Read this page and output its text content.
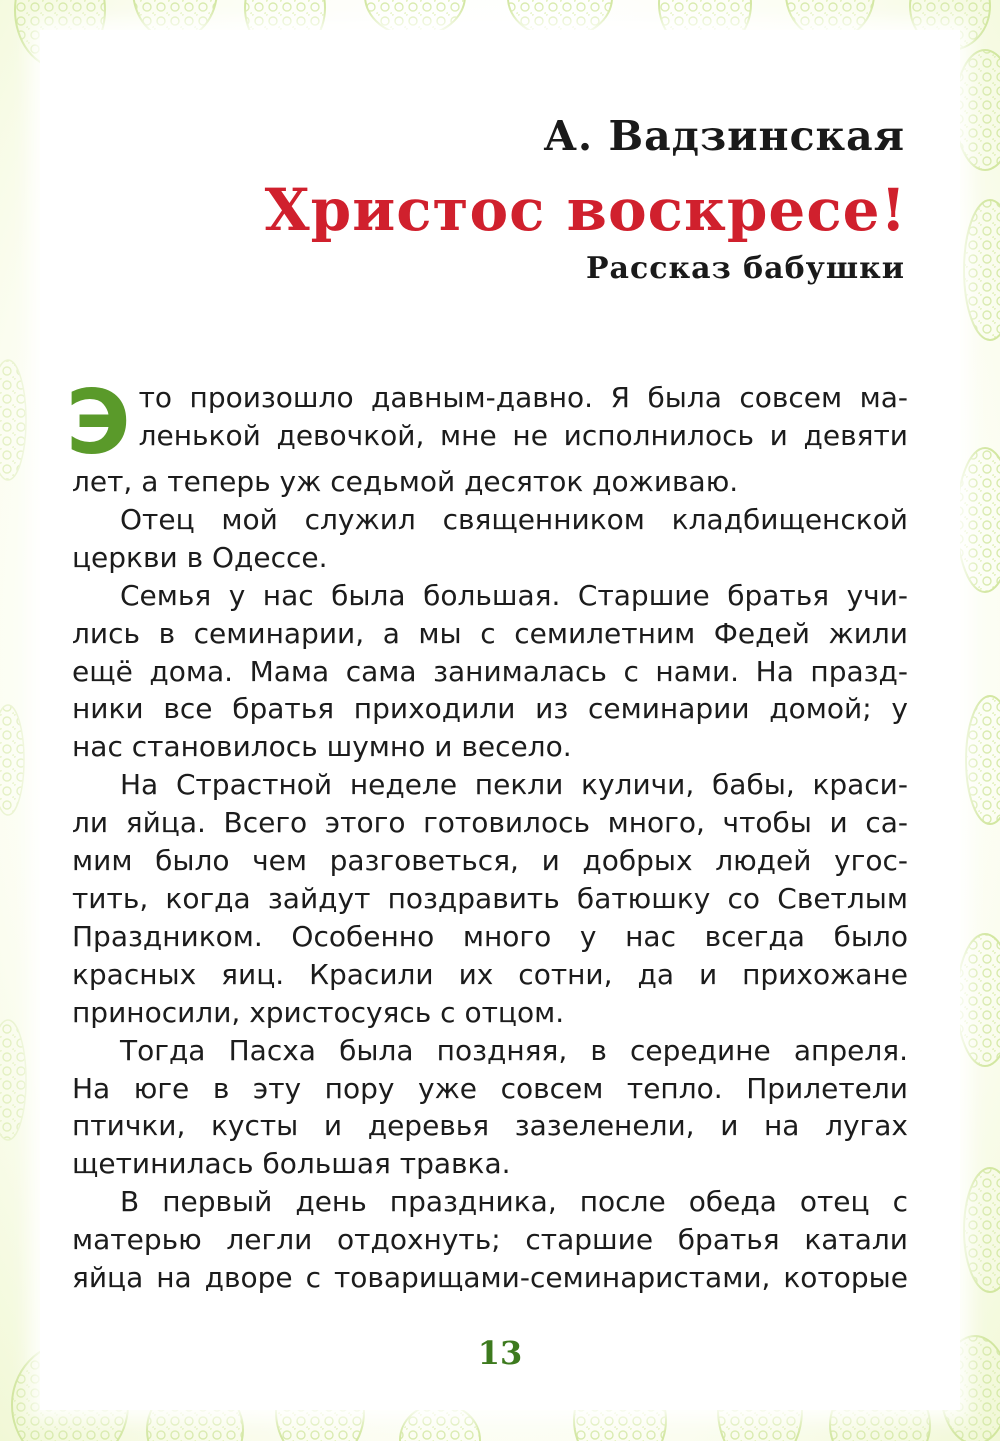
А. Вадзинская
Христос воскресе!
Рассказ бабушки
Э то произошло давным-давно. Я была совсем ма-

ленькой девочкой, мне не исполнилось и девяти

лет, а теперь уж седьмой десяток доживаю.

Отец мой служил священником кладбищенской

церкви в Одессе.

Семья у нас была большая. Старшие братья учи-

лись в семинарии, а мы с семилетним Федей жили

ещё дома. Мама сама занималась с нами. На празд-

ники все братья приходили из семинарии домой; у

нас становилось шумно и весело.

На Страстной неделе пекли куличи, бабы, краси-

ли яйца. Всего этого готовилось много, чтобы и са-

мим было чем разговеться, и добрых людей угос-

тить, когда зайдут поздравить батюшку со Светлым

Праздником. Особенно много у нас всегда было

красных яиц. Красили их сотни, да и прихожане

приносили, христосуясь с отцом.

Тогда Пасха была поздняя, в середине апреля.

На юге в эту пору уже совсем тепло. Прилетели

птички, кусты и деревья зазеленели, и на лугах

щетинилась большая травка.

В первый день праздника, после обеда отец с

матерью легли отдохнуть; старшие братья катали

яйца на дворе с товарищами-семинаристами, которые

13
